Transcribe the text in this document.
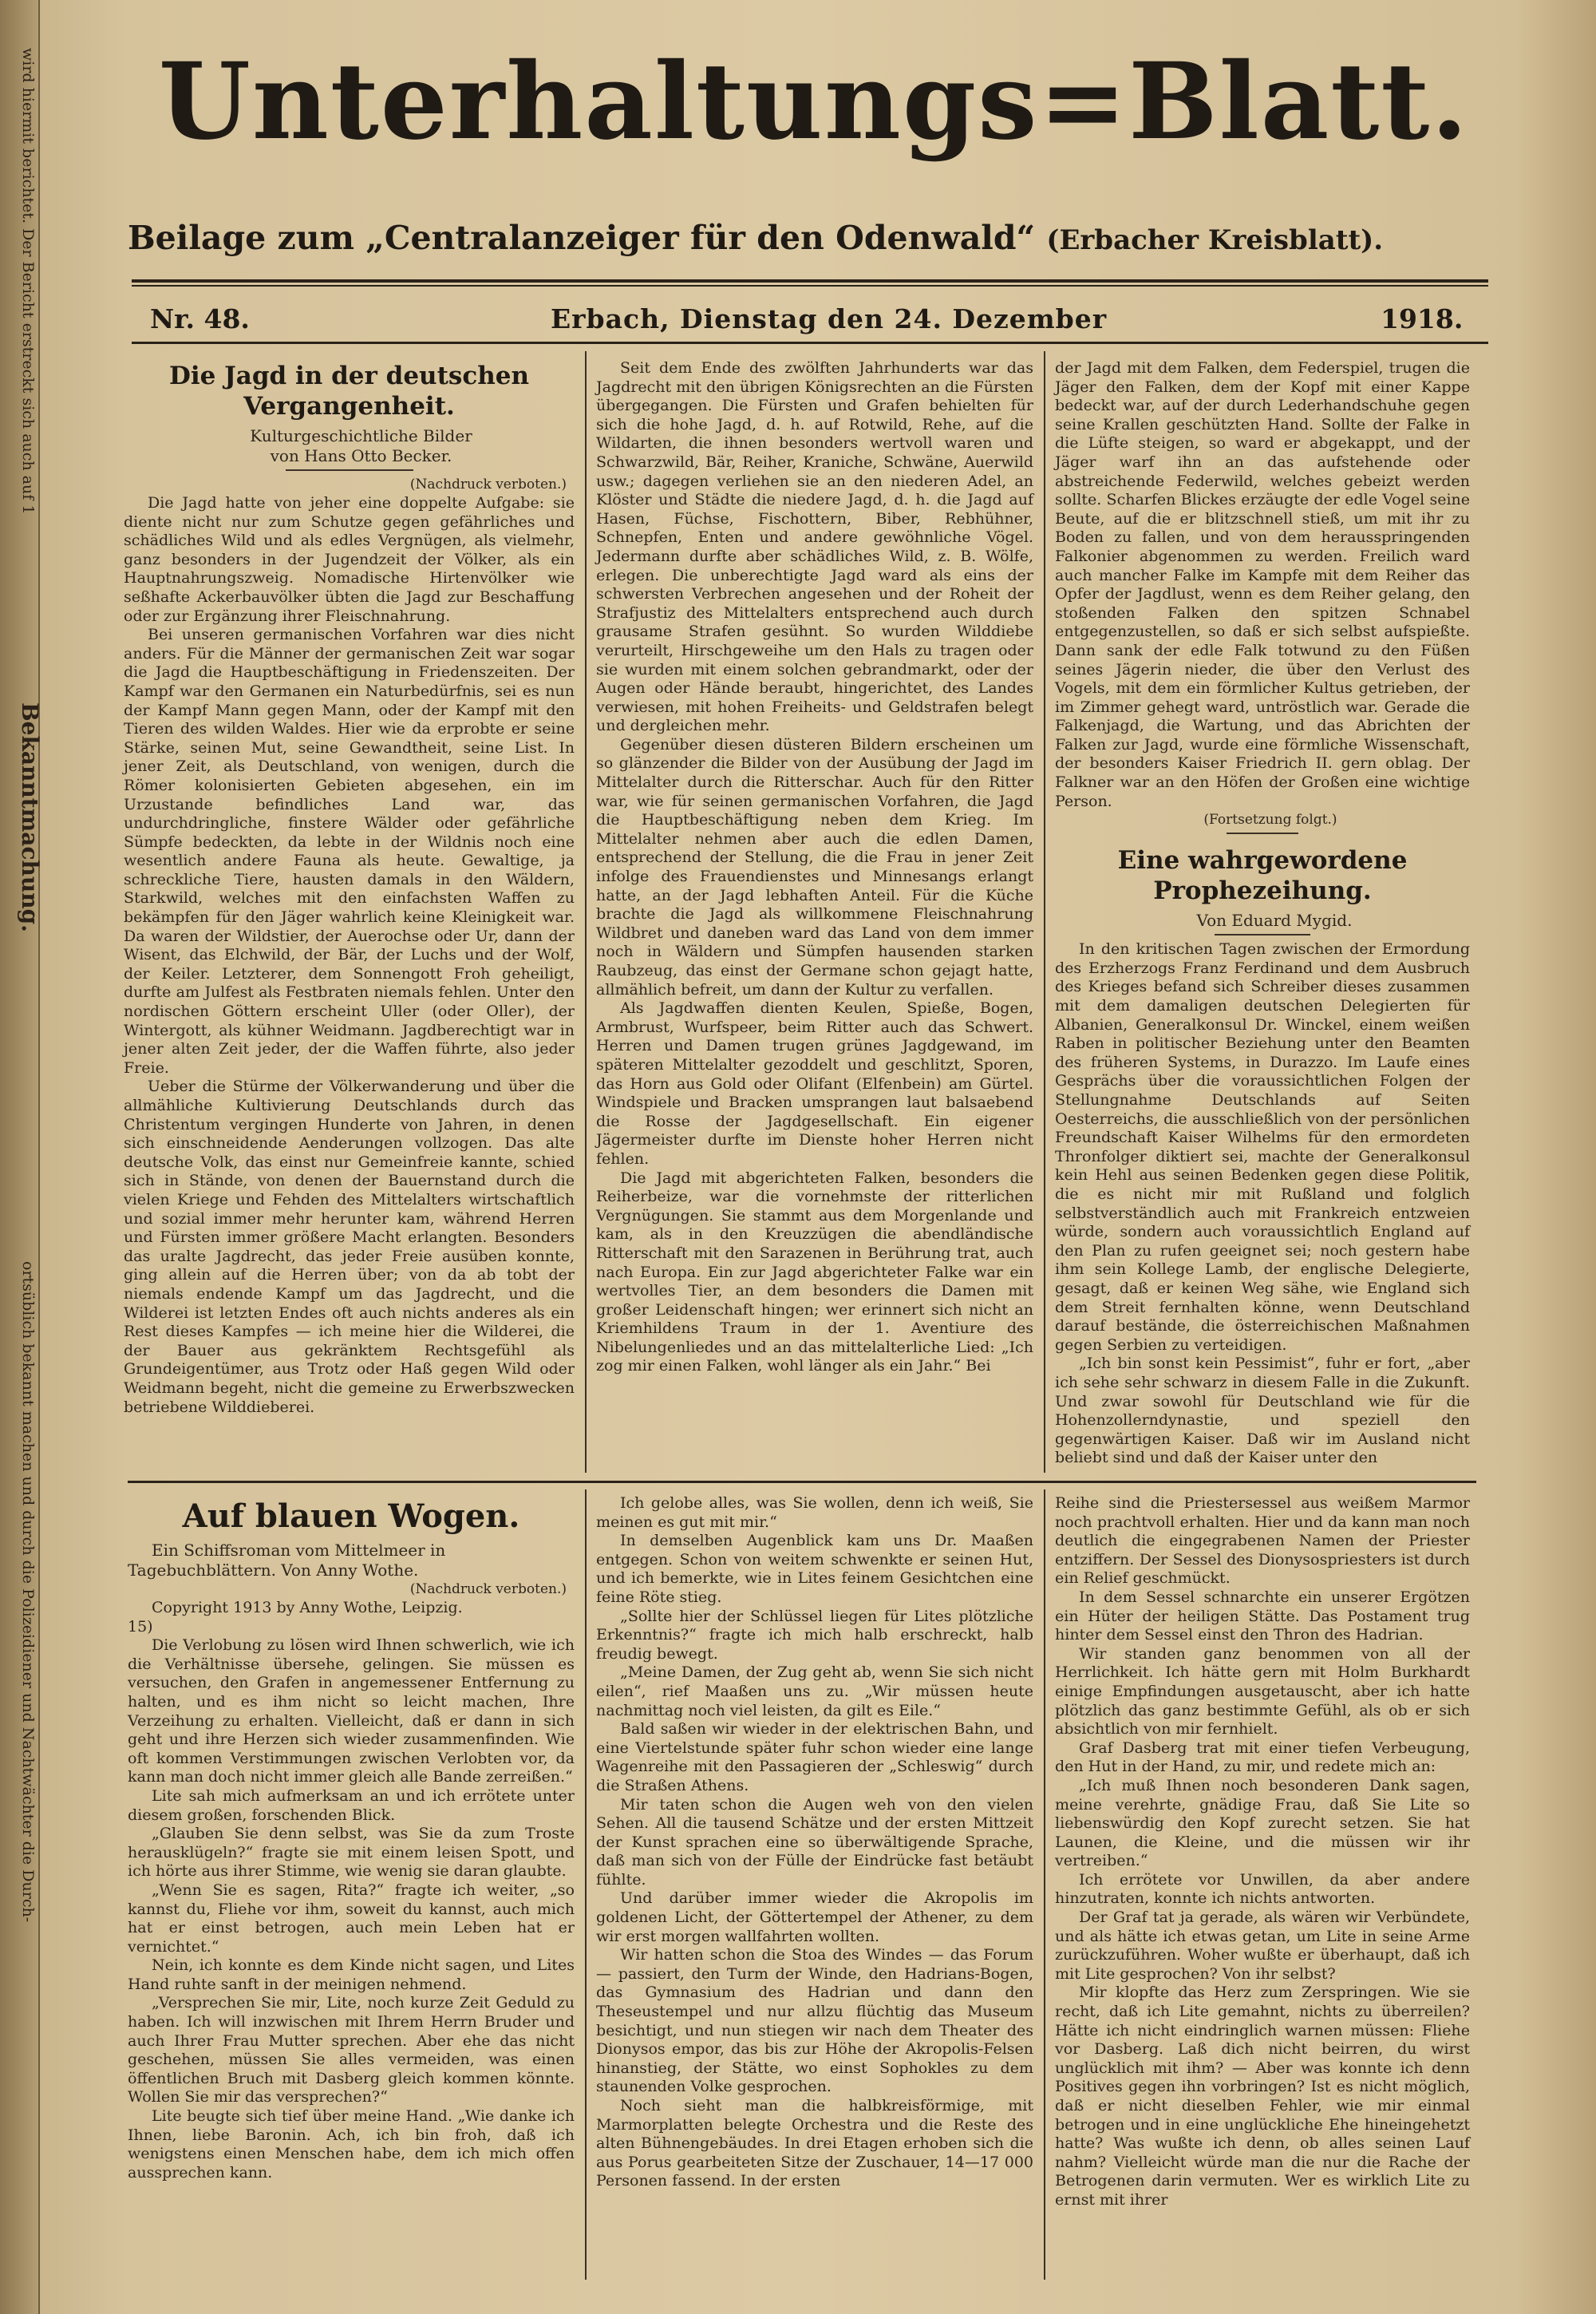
wird hiermit berichtet. Der Bericht erstreckt sich auch auf 1
Bekanntmachung.
ortsüblich bekannt machen und durch die Polizeidiener und Nachtwächter die Durch-
Unterhaltungs=Blatt.
Beilage zum „Centralanzeiger für den Odenwald“ (Erbacher Kreisblatt).
Nr. 48.	Erbach, Dienstag den 24. Dezember	1918.
Die Jagd in der deutschen Vergangenheit.

Kulturgeschichtliche Bilder

von Hans Otto Becker.

(Nachdruck verboten.)

Die Jagd hatte von jeher eine doppelte Aufgabe: sie diente nicht nur zum Schutze gegen gefährliches und schädliches Wild und als edles Vergnügen, als vielmehr, ganz besonders in der Jugendzeit der Völker, als ein Hauptnahrungszweig. Nomadische Hirtenvölker wie seßhafte Ackerbauvölker übten die Jagd zur Beschaffung oder zur Ergänzung ihrer Fleischnahrung.

Bei unseren germanischen Vorfahren war dies nicht anders. Für die Männer der germanischen Zeit war sogar die Jagd die Hauptbeschäftigung in Friedenszeiten. Der Kampf war den Germanen ein Naturbedürfnis, sei es nun der Kampf Mann gegen Mann, oder der Kampf mit den Tieren des wilden Waldes. Hier wie da erprobte er seine Stärke, seinen Mut, seine Gewandtheit, seine List. In jener Zeit, als Deutschland, von wenigen, durch die Römer kolonisierten Gebieten abgesehen, ein im Urzustande befindliches Land war, das undurchdringliche, finstere Wälder oder gefährliche Sümpfe bedeckten, da lebte in der Wildnis noch eine wesentlich andere Fauna als heute. Gewaltige, ja schreckliche Tiere, hausten damals in den Wäldern, Starkwild, welches mit den einfachsten Waffen zu bekämpfen für den Jäger wahrlich keine Kleinigkeit war. Da waren der Wildstier, der Auerochse oder Ur, dann der Wisent, das Elchwild, der Bär, der Luchs und der Wolf, der Keiler. Letzterer, dem Sonnengott Froh geheiligt, durfte am Julfest als Festbraten niemals fehlen. Unter den nordischen Göttern erscheint Uller (oder Oller), der Wintergott, als kühner Weidmann. Jagdberechtigt war in jener alten Zeit jeder, der die Waffen führte, also jeder Freie.

Ueber die Stürme der Völkerwanderung und über die allmähliche Kultivierung Deutschlands durch das Christentum vergingen Hunderte von Jahren, in denen sich einschneidende Aenderungen vollzogen. Das alte deutsche Volk, das einst nur Gemeinfreie kannte, schied sich in Stände, von denen der Bauernstand durch die vielen Kriege und Fehden des Mittelalters wirtschaftlich und sozial immer mehr herunter kam, während Herren und Fürsten immer größere Macht erlangten. Besonders das uralte Jagdrecht, das jeder Freie ausüben konnte, ging allein auf die Herren über; von da ab tobt der niemals endende Kampf um das Jagdrecht, und die Wilderei ist letzten Endes oft auch nichts anderes als ein Rest dieses Kampfes — ich meine hier die Wilderei, die der Bauer aus gekränktem Rechtsgefühl als Grundeigentümer, aus Trotz oder Haß gegen Wild oder Weidmann begeht, nicht die gemeine zu Erwerbszwecken betriebene Wilddieberei.

Seit dem Ende des zwölften Jahrhunderts war das Jagdrecht mit den übrigen Königsrechten an die Fürsten übergegangen. Die Fürsten und Grafen behielten für sich die hohe Jagd, d. h. auf Rotwild, Rehe, auf die Wildarten, die ihnen besonders wertvoll waren und Schwarzwild, Bär, Reiher, Kraniche, Schwäne, Auerwild usw.; dagegen verliehen sie an den niederen Adel, an Klöster und Städte die niedere Jagd, d. h. die Jagd auf Hasen, Füchse, Fischottern, Biber, Rebhühner, Schnepfen, Enten und andere gewöhnliche Vögel. Jedermann durfte aber schädliches Wild, z. B. Wölfe, erlegen. Die unberechtigte Jagd ward als eins der schwersten Verbrechen angesehen und der Roheit der Strafjustiz des Mittelalters entsprechend auch durch grausame Strafen gesühnt. So wurden Wilddiebe verurteilt, Hirschgeweihe um den Hals zu tragen oder sie wurden mit einem solchen gebrandmarkt, oder der Augen oder Hände beraubt, hingerichtet, des Landes verwiesen, mit hohen Freiheits- und Geldstrafen belegt und dergleichen mehr.

Gegenüber diesen düsteren Bildern erscheinen um so glänzender die Bilder von der Ausübung der Jagd im Mittelalter durch die Ritterschar. Auch für den Ritter war, wie für seinen germanischen Vorfahren, die Jagd die Hauptbeschäftigung neben dem Krieg. Im Mittelalter nehmen aber auch die edlen Damen, entsprechend der Stellung, die die Frau in jener Zeit infolge des Frauendienstes und Minnesangs erlangt hatte, an der Jagd lebhaften Anteil. Für die Küche brachte die Jagd als willkommene Fleischnahrung Wildbret und daneben ward das Land von dem immer noch in Wäldern und Sümpfen hausenden starken Raubzeug, das einst der Germane schon gejagt hatte, allmählich befreit, um dann der Kultur zu verfallen.

Als Jagdwaffen dienten Keulen, Spieße, Bogen, Armbrust, Wurfspeer, beim Ritter auch das Schwert. Herren und Damen trugen grünes Jagdgewand, im späteren Mittelalter gezoddelt und geschlitzt, Sporen, das Horn aus Gold oder Olifant (Elfenbein) am Gürtel. Windspiele und Bracken umsprangen laut balsaebend die Rosse der Jagdgesellschaft. Ein eigener Jägermeister durfte im Dienste hoher Herren nicht fehlen.

Die Jagd mit abgerichteten Falken, besonders die Reiherbeize, war die vornehmste der ritterlichen Vergnügungen. Sie stammt aus dem Morgenlande und kam, als in den Kreuzzügen die abendländische Ritterschaft mit den Sarazenen in Berührung trat, auch nach Europa. Ein zur Jagd abgerichteter Falke war ein wertvolles Tier, an dem besonders die Damen mit großer Leidenschaft hingen; wer erinnert sich nicht an Kriemhildens Traum in der 1. Aventiure des Nibelungenliedes und an das mittelalterliche Lied: „Ich zog mir einen Falken, wohl länger als ein Jahr.“ Bei

der Jagd mit dem Falken, dem Federspiel, trugen die Jäger den Falken, dem der Kopf mit einer Kappe bedeckt war, auf der durch Lederhandschuhe gegen seine Krallen geschützten Hand. Sollte der Falke in die Lüfte steigen, so ward er abgekappt, und der Jäger warf ihn an das aufstehende oder abstreichende Federwild, welches gebeizt werden sollte. Scharfen Blickes erzäugte der edle Vogel seine Beute, auf die er blitzschnell stieß, um mit ihr zu Boden zu fallen, und von dem herausspringenden Falkonier abgenommen zu werden. Freilich ward auch mancher Falke im Kampfe mit dem Reiher das Opfer der Jagdlust, wenn es dem Reiher gelang, den stoßenden Falken den spitzen Schnabel entgegenzustellen, so daß er sich selbst aufspießte. Dann sank der edle Falk totwund zu den Füßen seines Jägerin nieder, die über den Verlust des Vogels, mit dem ein förmlicher Kultus getrieben, der im Zimmer gehegt ward, untröstlich war. Gerade die Falkenjagd, die Wartung, und das Abrichten der Falken zur Jagd, wurde eine förmliche Wissenschaft, der besonders Kaiser Friedrich II. gern oblag. Der Falkner war an den Höfen der Großen eine wichtige Person.

(Fortsetzung folgt.)

Eine wahrgewordene Prophezeihung.

Von Eduard Mygid.

In den kritischen Tagen zwischen der Ermordung des Erzherzogs Franz Ferdinand und dem Ausbruch des Krieges befand sich Schreiber dieses zusammen mit dem damaligen deutschen Delegierten für Albanien, Generalkonsul Dr. Winckel, einem weißen Raben in politischer Beziehung unter den Beamten des früheren Systems, in Durazzo. Im Laufe eines Gesprächs über die voraussichtlichen Folgen der Stellungnahme Deutschlands auf Seiten Oesterreichs, die ausschließlich von der persönlichen Freundschaft Kaiser Wilhelms für den ermordeten Thronfolger diktiert sei, machte der Generalkonsul kein Hehl aus seinen Bedenken gegen diese Politik, die es nicht mir mit Rußland und folglich selbstverständlich auch mit Frankreich entzweien würde, sondern auch voraussichtlich England auf den Plan zu rufen geeignet sei; noch gestern habe ihm sein Kollege Lamb, der englische Delegierte, gesagt, daß er keinen Weg sähe, wie England sich dem Streit fernhalten könne, wenn Deutschland darauf bestände, die österreichischen Maßnahmen gegen Serbien zu verteidigen.

„Ich bin sonst kein Pessimist“, fuhr er fort, „aber ich sehe sehr schwarz in diesem Falle in die Zukunft. Und zwar sowohl für Deutschland wie für die Hohenzollerndynastie, und speziell den gegenwärtigen Kaiser. Daß wir im Ausland nicht beliebt sind und daß der Kaiser unter den

Auf blauen Wogen.

Ein Schiffsroman vom Mittelmeer in Tagebuchblättern. Von Anny Wothe.

(Nachdruck verboten.)

Copyright 1913 by Anny Wothe, Leipzig.

15)

Die Verlobung zu lösen wird Ihnen schwerlich, wie ich die Verhältnisse übersehe, gelingen. Sie müssen es versuchen, den Grafen in angemessener Entfernung zu halten, und es ihm nicht so leicht machen, Ihre Verzeihung zu erhalten. Vielleicht, daß er dann in sich geht und ihre Herzen sich wieder zusammenfinden. Wie oft kommen Verstimmungen zwischen Verlobten vor, da kann man doch nicht immer gleich alle Bande zerreißen.“

Lite sah mich aufmerksam an und ich errötete unter diesem großen, forschenden Blick.

„Glauben Sie denn selbst, was Sie da zum Troste herausklügeln?“ fragte sie mit einem leisen Spott, und ich hörte aus ihrer Stimme, wie wenig sie daran glaubte.

„Wenn Sie es sagen, Rita?“ fragte ich weiter, „so kannst du, Fliehe vor ihm, soweit du kannst, auch mich hat er einst betrogen, auch mein Leben hat er vernichtet.“

Nein, ich konnte es dem Kinde nicht sagen, und Lites Hand ruhte sanft in der meinigen nehmend.

„Versprechen Sie mir, Lite, noch kurze Zeit Geduld zu haben. Ich will inzwischen mit Ihrem Herrn Bruder und auch Ihrer Frau Mutter sprechen. Aber ehe das nicht geschehen, müssen Sie alles vermeiden, was einen öffentlichen Bruch mit Dasberg gleich kommen könnte. Wollen Sie mir das versprechen?“

Lite beugte sich tief über meine Hand. „Wie danke ich Ihnen, liebe Baronin. Ach, ich bin froh, daß ich wenigstens einen Menschen habe, dem ich mich offen aussprechen kann.

Ich gelobe alles, was Sie wollen, denn ich weiß, Sie meinen es gut mit mir.“

In demselben Augenblick kam uns Dr. Maaßen entgegen. Schon von weitem schwenkte er seinen Hut, und ich bemerkte, wie in Lites feinem Gesichtchen eine feine Röte stieg.

„Sollte hier der Schlüssel liegen für Lites plötzliche Erkenntnis?“ fragte ich mich halb erschreckt, halb freudig bewegt.

„Meine Damen, der Zug geht ab, wenn Sie sich nicht eilen“, rief Maaßen uns zu. „Wir müssen heute nachmittag noch viel leisten, da gilt es Eile.“

Bald saßen wir wieder in der elektrischen Bahn, und eine Viertelstunde später fuhr schon wieder eine lange Wagenreihe mit den Passagieren der „Schleswig“ durch die Straßen Athens.

Mir taten schon die Augen weh von den vielen Sehen. All die tausend Schätze und der ersten Mittzeit der Kunst sprachen eine so überwältigende Sprache, daß man sich von der Fülle der Eindrücke fast betäubt fühlte.

Und darüber immer wieder die Akropolis im goldenen Licht, der Göttertempel der Athener, zu dem wir erst morgen wallfahrten wollten.

Wir hatten schon die Stoa des Windes — das Forum — passiert, den Turm der Winde, den Hadrians-Bogen, das Gymnasium des Hadrian und dann den Theseustempel und nur allzu flüchtig das Museum besichtigt, und nun stiegen wir nach dem Theater des Dionysos empor, das bis zur Höhe der Akropolis-Felsen hinanstieg, der Stätte, wo einst Sophokles zu dem staunenden Volke gesprochen.

Noch sieht man die halbkreisförmige, mit Marmorplatten belegte Orchestra und die Reste des alten Bühnengebäudes. In drei Etagen erhoben sich die aus Porus gearbeiteten Sitze der Zuschauer, 14—17 000 Personen fassend. In der ersten

Reihe sind die Priestersessel aus weißem Marmor noch prachtvoll erhalten. Hier und da kann man noch deutlich die eingegrabenen Namen der Priester entziffern. Der Sessel des Dionysospriesters ist durch ein Relief geschmückt.

In dem Sessel schnarchte ein unserer Ergötzen ein Hüter der heiligen Stätte. Das Postament trug hinter dem Sessel einst den Thron des Hadrian.

Wir standen ganz benommen von all der Herrlichkeit. Ich hätte gern mit Holm Burkhardt einige Empfindungen ausgetauscht, aber ich hatte plötzlich das ganz bestimmte Gefühl, als ob er sich absichtlich von mir fernhielt.

Graf Dasberg trat mit einer tiefen Verbeugung, den Hut in der Hand, zu mir, und redete mich an:

„Ich muß Ihnen noch besonderen Dank sagen, meine verehrte, gnädige Frau, daß Sie Lite so liebenswürdig den Kopf zurecht setzen. Sie hat Launen, die Kleine, und die müssen wir ihr vertreiben.“

Ich errötete vor Unwillen, da aber andere hinzutraten, konnte ich nichts antworten.

Der Graf tat ja gerade, als wären wir Verbündete, und als hätte ich etwas getan, um Lite in seine Arme zurückzuführen. Woher wußte er überhaupt, daß ich mit Lite gesprochen? Von ihr selbst?

Mir klopfte das Herz zum Zerspringen. Wie sie recht, daß ich Lite gemahnt, nichts zu überreilen? Hätte ich nicht eindringlich warnen müssen: Fliehe vor Dasberg. Laß dich nicht beirren, du wirst unglücklich mit ihm? — Aber was konnte ich denn Positives gegen ihn vorbringen? Ist es nicht möglich, daß er nicht dieselben Fehler, wie mir einmal betrogen und in eine unglückliche Ehe hineingehetzt hatte? Was wußte ich denn, ob alles seinen Lauf nahm? Vielleicht würde man die nur die Rache der Betrogenen darin vermuten. Wer es wirklich Lite zu ernst mit ihrer
